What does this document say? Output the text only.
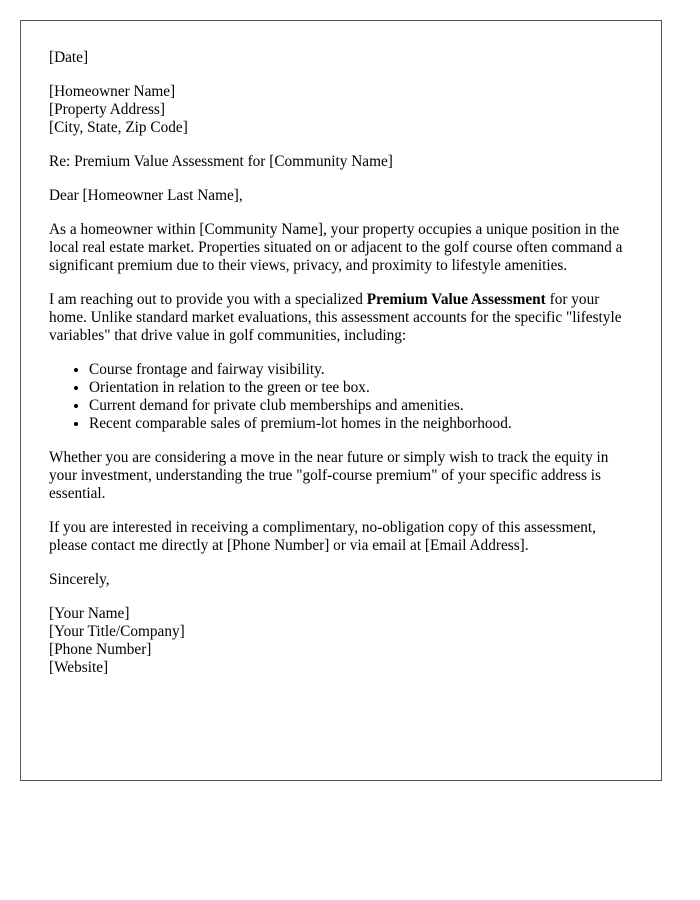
[Date]
[Homeowner Name]
[Property Address]
[City, State, Zip Code]

Re: Premium Value Assessment for [Community Name]

Dear [Homeowner Last Name],

As a homeowner within [Community Name], your property occupies a unique position in the local real estate market. Properties situated on or adjacent to the golf course often command a significant premium due to their views, privacy, and proximity to lifestyle amenities.

I am reaching out to provide you with a specialized Premium Value Assessment for your home. Unlike standard market evaluations, this assessment accounts for the specific "lifestyle variables" that drive value in golf communities, including:

• Course frontage and fairway visibility.
• Orientation in relation to the green or tee box.
• Current demand for private club memberships and amenities.
• Recent comparable sales of premium-lot homes in the neighborhood.

Whether you are considering a move in the near future or simply wish to track the equity in your investment, understanding the true "golf-course premium" of your specific address is essential.

If you are interested in receiving a complimentary, no-obligation copy of this assessment, please contact me directly at [Phone Number] or via email at [Email Address].

Sincerely,

[Your Name]
[Your Title/Company]
[Phone Number]
[Website]
